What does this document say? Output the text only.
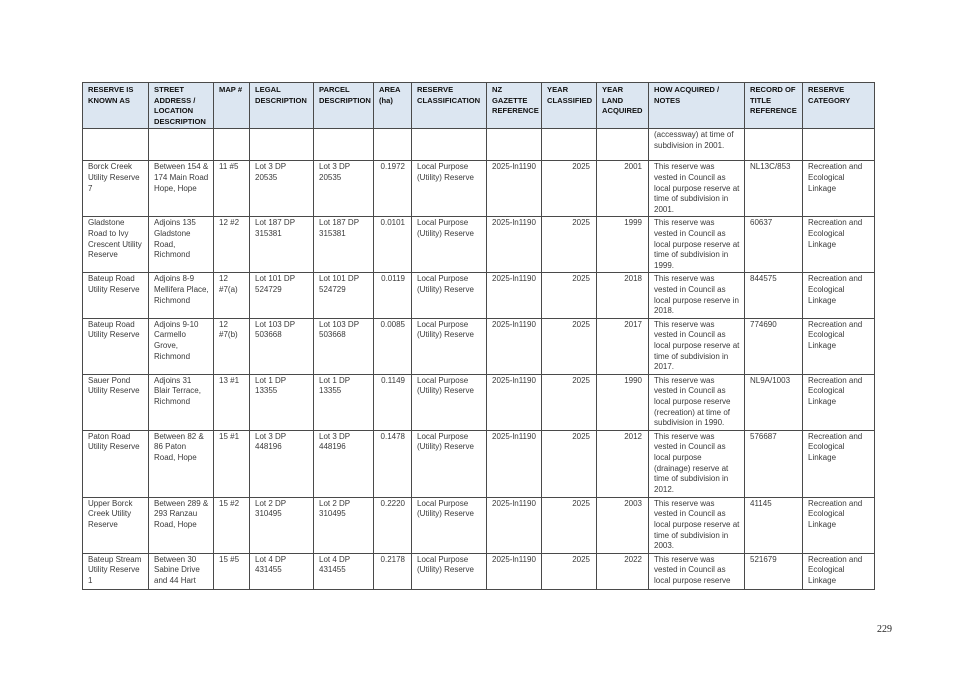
RESERVE IS KNOWN AS	STREET ADDRESS / LOCATION DESCRIPTION	MAP #	LEGAL DESCRIPTION	PARCEL DESCRIPTION	AREA (ha)	RESERVE CLASSIFICATION	NZ GAZETTE REFERENCE	YEAR CLASSIFIED	YEAR LAND ACQUIRED	HOW ACQUIRED / NOTES	RECORD OF TITLE REFERENCE	RESERVE CATEGORY
										(accessway) at time of subdivision in 2001.		
Borck Creek Utility Reserve 7	Between 154 & 174 Main Road Hope, Hope	11 #5	Lot 3 DP 20535	Lot 3 DP 20535	0.1972	Local Purpose (Utility) Reserve	2025-ln1190	2025	2001	This reserve was vested in Council as local purpose reserve at time of subdivision in 2001.	NL13C/853	Recreation and Ecological Linkage
Gladstone Road to Ivy Crescent Utility Reserve	Adjoins 135 Gladstone Road, Richmond	12 #2	Lot 187 DP 315381	Lot 187 DP 315381	0.0101	Local Purpose (Utility) Reserve	2025-ln1190	2025	1999	This reserve was vested in Council as local purpose reserve at time of subdivision in 1999.	60637	Recreation and Ecological Linkage
Bateup Road Utility Reserve	Adjoins 8-9 Mellifera Place, Richmond	12 #7(a)	Lot 101 DP 524729	Lot 101 DP 524729	0.0119	Local Purpose (Utility) Reserve	2025-ln1190	2025	2018	This reserve was vested in Council as local purpose reserve in 2018.	844575	Recreation and Ecological Linkage
Bateup Road Utility Reserve	Adjoins 9-10 Carmello Grove, Richmond	12 #7(b)	Lot 103 DP 503668	Lot 103 DP 503668	0.0085	Local Purpose (Utility) Reserve	2025-ln1190	2025	2017	This reserve was vested in Council as local purpose reserve at time of subdivision in 2017.	774690	Recreation and Ecological Linkage
Sauer Pond Utility Reserve	Adjoins 31 Blair Terrace, Richmond	13 #1	Lot 1 DP 13355	Lot 1 DP 13355	0.1149	Local Purpose (Utility) Reserve	2025-ln1190	2025	1990	This reserve was vested in Council as local purpose reserve (recreation) at time of subdivision in 1990.	NL9A/1003	Recreation and Ecological Linkage
Paton Road Utility Reserve	Between 82 & 86 Paton Road, Hope	15 #1	Lot 3 DP 448196	Lot 3 DP 448196	0.1478	Local Purpose (Utility) Reserve	2025-ln1190	2025	2012	This reserve was vested in Council as local purpose (drainage) reserve at time of subdivision in 2012.	576687	Recreation and Ecological Linkage
Upper Borck Creek Utility Reserve	Between 289 & 293 Ranzau Road, Hope	15 #2	Lot 2 DP 310495	Lot 2 DP 310495	0.2220	Local Purpose (Utility) Reserve	2025-ln1190	2025	2003	This reserve was vested in Council as local purpose reserve at time of subdivision in 2003.	41145	Recreation and Ecological Linkage
Bateup Stream Utility Reserve 1	Between 30 Sabine Drive and 44 Hart	15 #5	Lot 4 DP 431455	Lot 4 DP 431455	0.2178	Local Purpose (Utility) Reserve	2025-ln1190	2025	2022	This reserve was vested in Council as local purpose reserve	521679	Recreation and Ecological Linkage
229
